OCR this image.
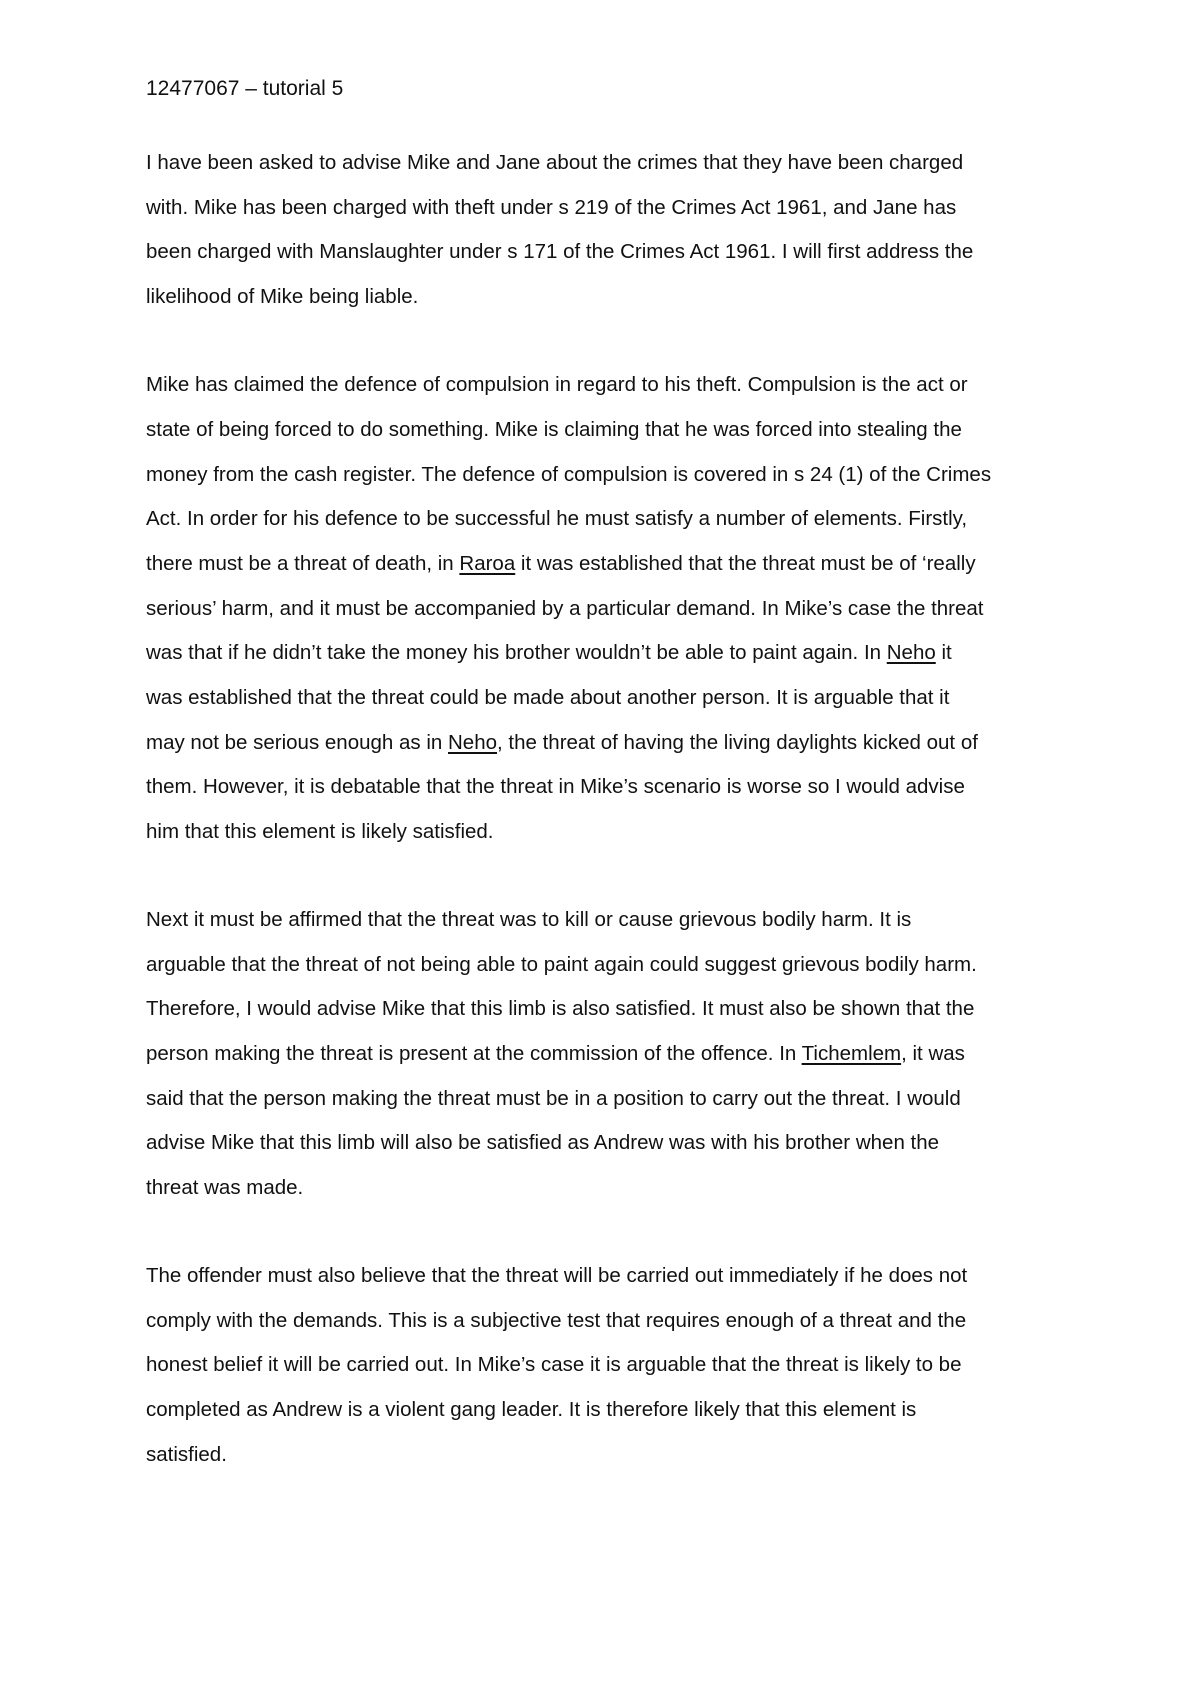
12477067 – tutorial 5
I have been asked to advise Mike and Jane about the crimes that they have been charged
with. Mike has been charged with theft under s 219 of the Crimes Act 1961, and Jane has
been charged with Manslaughter under s 171 of the Crimes Act 1961. I will first address the
likelihood of Mike being liable.
Mike has claimed the defence of compulsion in regard to his theft. Compulsion is the act or
state of being forced to do something. Mike is claiming that he was forced into stealing the
money from the cash register. The defence of compulsion is covered in s 24 (1) of the Crimes
Act. In order for his defence to be successful he must satisfy a number of elements. Firstly,
there must be a threat of death, in Raroa it was established that the threat must be of ‘really
serious’ harm, and it must be accompanied by a particular demand. In Mike’s case the threat
was that if he didn’t take the money his brother wouldn’t be able to paint again. In Neho it
was established that the threat could be made about another person. It is arguable that it
may not be serious enough as in Neho, the threat of having the living daylights kicked out of
them. However, it is debatable that the threat in Mike’s scenario is worse so I would advise
him that this element is likely satisfied.
Next it must be affirmed that the threat was to kill or cause grievous bodily harm. It is
arguable that the threat of not being able to paint again could suggest grievous bodily harm.
Therefore, I would advise Mike that this limb is also satisfied. It must also be shown that the
person making the threat is present at the commission of the offence. In Tichemlem, it was
said that the person making the threat must be in a position to carry out the threat. I would
advise Mike that this limb will also be satisfied as Andrew was with his brother when the
threat was made.
The offender must also believe that the threat will be carried out immediately if he does not
comply with the demands. This is a subjective test that requires enough of a threat and the
honest belief it will be carried out. In Mike’s case it is arguable that the threat is likely to be
completed as Andrew is a violent gang leader. It is therefore likely that this element is
satisfied.
